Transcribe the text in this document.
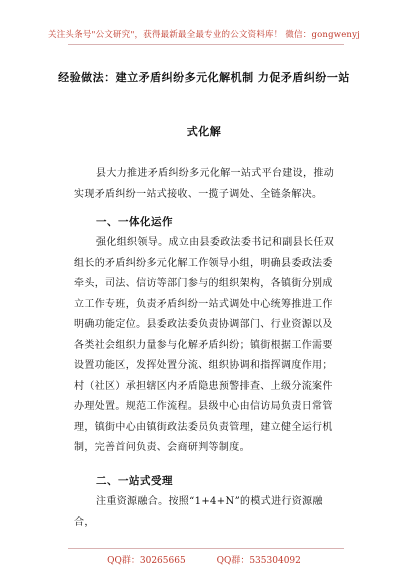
关注头条号"公文研究"，获得最新最全最专业的公文资料库！ 微信：gongwenyj
经验做法：建立矛盾纠纷多元化解机制 力促矛盾纠纷一站
式化解
县大力推进矛盾纠纷多元化解一站式平台建设，推动实现矛盾纠纷一站式接收、一揽子调处、全链条解决。
一、一体化运作
强化组织领导。成立由县委政法委书记和副县长任双组长的矛盾纠纷多元化解工作领导小组，明确县委政法委牵头，司法、信访等部门参与的组织架构，各镇街分别成立工作专班，负责矛盾纠纷一站式调处中心统筹推进工作明确功能定位。县委政法委负责协调部门、行业资源以及各类社会组织力量参与化解矛盾纠纷；镇街根据工作需要设置功能区，发挥处置分流、组织协调和指挥调度作用；村（社区）承担辖区内矛盾隐患预警排查、上级分流案件办理处置。规范工作流程。县级中心由信访局负责日常管理，镇街中心由镇街政法委员负责管理，建立健全运行机制，完善首问负责、会商研判等制度。
二、一站式受理
注重资源融合。按照“1+4+N”的模式进行资源融合，
QQ群：30265665	QQ群：535304092
